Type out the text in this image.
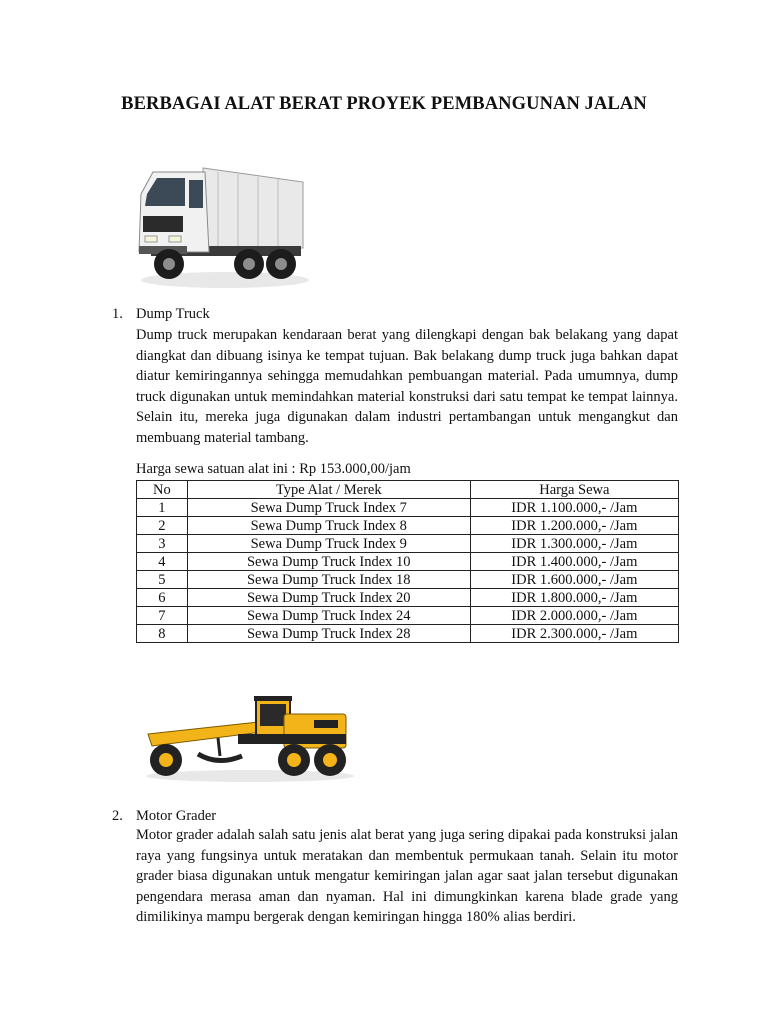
BERBAGAI ALAT BERAT PROYEK PEMBANGUNAN JALAN
1. Dump Truck
Dump truck merupakan kendaraan berat yang dilengkapi dengan bak belakang yang dapat diangkat dan dibuang isinya ke tempat tujuan. Bak belakang dump truck juga bahkan dapat diatur kemiringannya sehingga memudahkan pembuangan material. Pada umumnya, dump truck digunakan untuk memindahkan material konstruksi dari satu tempat ke tempat lainnya. Selain itu, mereka juga digunakan dalam industri pertambangan untuk mengangkut dan membuang material tambang.
Harga sewa satuan alat ini : Rp 153.000,00/jam
No	Type Alat / Merek	Harga Sewa
1	Sewa Dump Truck Index 7	IDR 1.100.000,- /Jam
2	Sewa Dump Truck Index 8	IDR 1.200.000,- /Jam
3	Sewa Dump Truck Index 9	IDR 1.300.000,- /Jam
4	Sewa Dump Truck Index 10	IDR 1.400.000,- /Jam
5	Sewa Dump Truck Index 18	IDR 1.600.000,- /Jam
6	Sewa Dump Truck Index 20	IDR 1.800.000,- /Jam
7	Sewa Dump Truck Index 24	IDR 2.000.000,- /Jam
8	Sewa Dump Truck Index 28	IDR 2.300.000,- /Jam
2. Motor Grader
Motor grader adalah salah satu jenis alat berat yang juga sering dipakai pada konstruksi jalan raya yang fungsinya untuk meratakan dan membentuk permukaan tanah. Selain itu motor grader biasa digunakan untuk mengatur kemiringan jalan agar saat jalan tersebut digunakan pengendara merasa aman dan nyaman. Hal ini dimungkinkan karena blade grade yang dimilikinya mampu bergerak dengan kemiringan hingga 180% alias berdiri.
